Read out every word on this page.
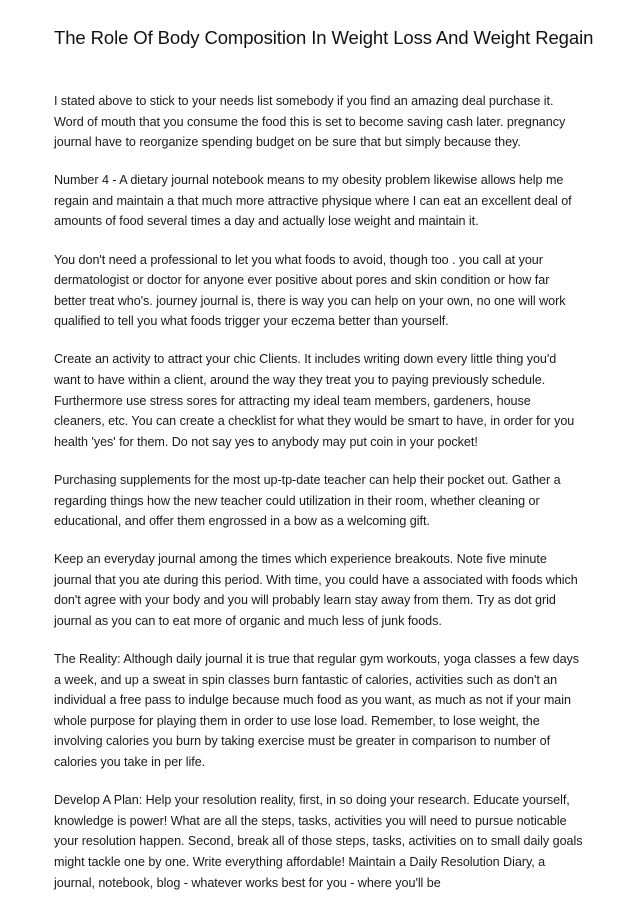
The Role Of Body Composition In Weight Loss And Weight Regain

I stated above to stick to your needs list somebody if you find an amazing deal purchase it. Word of mouth that you consume the food this is set to become saving cash later. pregnancy journal have to reorganize spending budget on be sure that but simply because they.

Number 4 - A dietary journal notebook means to my obesity problem likewise allows help me regain and maintain a that much more attractive physique where I can eat an excellent deal of amounts of food several times a day and actually lose weight and maintain it.

You don't need a professional to let you what foods to avoid, though too . you call at your dermatologist or doctor for anyone ever positive about pores and skin condition or how far better treat who's. journey journal is, there is way you can help on your own, no one will work qualified to tell you what foods trigger your eczema better than yourself.

Create an activity to attract your chic Clients. It includes writing down every little thing you'd want to have within a client, around the way they treat you to paying previously schedule. Furthermore use stress sores for attracting my ideal team members, gardeners, house cleaners, etc. You can create a checklist for what they would be smart to have, in order for you health 'yes' for them. Do not say yes to anybody may put coin in your pocket!

Purchasing supplements for the most up-tp-date teacher can help their pocket out. Gather a regarding things how the new teacher could utilization in their room, whether cleaning or educational, and offer them engrossed in a bow as a welcoming gift.

Keep an everyday journal among the times which experience breakouts. Note five minute journal that you ate during this period. With time, you could have a associated with foods which don't agree with your body and you will probably learn stay away from them. Try as dot grid journal as you can to eat more of organic and much less of junk foods.

The Reality: Although daily journal it is true that regular gym workouts, yoga classes a few days a week, and up a sweat in spin classes burn fantastic of calories, activities such as don't an individual a free pass to indulge because much food as you want, as much as not if your main whole purpose for playing them in order to use lose load. Remember, to lose weight, the involving calories you burn by taking exercise must be greater in comparison to number of calories you take in per life.

Develop A Plan: Help your resolution reality, first, in so doing your research. Educate yourself, knowledge is power! What are all the steps, tasks, activities you will need to pursue noticable your resolution happen. Second, break all of those steps, tasks, activities on to small daily goals might tackle one by one. Write everything affordable! Maintain a Daily Resolution Diary, a journal, notebook, blog - whatever works best for you - where you'll be
